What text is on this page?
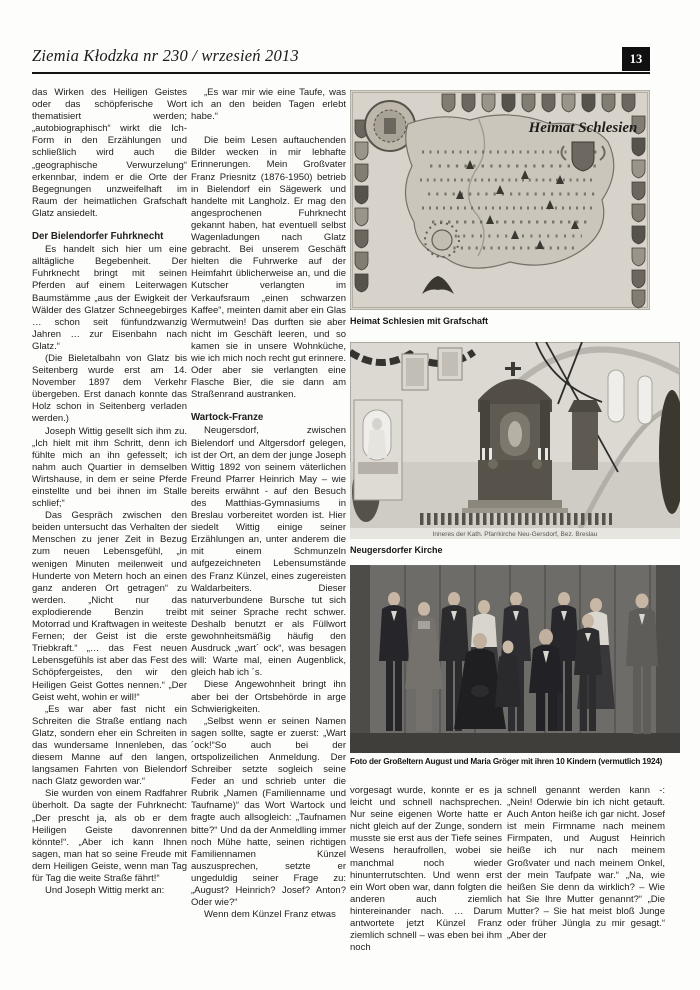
Ziemia Kłodzka nr 230 / wrzesień 2013	13

das Wirken des Heiligen Geistes oder das schöpferische Wort thematisiert werden; „autobiographisch“ wirkt die Ich-Form in den Erzählungen und schließlich wird auch die „geographische Verwurzelung“ erkennbar, indem er die Orte der Begegnungen unzweifelhaft im Raum der heimatlichen Grafschaft Glatz ansiedelt.

Der Bielendorfer Fuhrknecht

Es handelt sich hier um eine alltägliche Begebenheit. Der Fuhrknecht bringt mit seinen Pferden auf einem Leiterwagen Baumstämme „aus der Ewigkeit der Wälder des Glatzer Schneegebirges … schon seit fünfundzwanzig Jahren … zur Eisenbahn nach Glatz.“

(Die Bieletalbahn von Glatz bis Seitenberg wurde erst am 14. November 1897 dem Verkehr übergeben. Erst danach konnte das Holz schon in Seitenberg verladen werden.)

Joseph Wittig gesellt sich ihm zu. „Ich hielt mit ihm Schritt, denn ich fühlte mich an ihn gefesselt; ich nahm auch Quartier in demselben Wirtshause, in dem er seine Pferde einstellte und bei ihnen im Stalle schlief;“

Das Gespräch zwischen den beiden untersucht das Verhalten der Menschen zu jener Zeit in Bezug zum neuen Lebensgefühl, „in wenigen Minuten meilenweit und Hunderte von Metern hoch an einen ganz anderen Ort getragen“ zu werden. „Nicht nur das explodierende Benzin treibt Motorrad und Kraftwagen in weiteste Fernen; der Geist ist die erste Triebkraft.“ „… das Fest neuen Lebensgefühls ist aber das Fest des Schöpfergeistes, den wir den Heiligen Geist Gottes nennen.“ „Der Geist weht, wohin er will!“

„Es war aber fast nicht ein Schreiten die Straße entlang nach Glatz, sondern eher ein Schreiten in das wundersame Innenleben, das diesem Manne auf den langen, langsamen Fahrten von Bielendorf nach Glatz geworden war.“

Sie wurden von einem Radfahrer überholt. Da sagte der Fuhrknecht: „Der prescht ja, als ob er dem Heiligen Geiste davonrennen könnte!“. „Aber ich kann Ihnen sagen, man hat so seine Freude mit dem Heiligen Geiste, wenn man Tag für Tag die weite Straße fährt!“

Und Joseph Wittig merkt an:

„Es war mir wie eine Taufe, was ich an den beiden Tagen erlebt habe.“

Die beim Lesen auftauchenden Bilder wecken in mir lebhafte Erinnerungen. Mein Großvater Franz Priesnitz (1876-1950) betrieb in Bielendorf ein Sägewerk und handelte mit Langholz. Er mag den angesprochenen Fuhrknecht gekannt haben, hat eventuell selbst Wagenladungen nach Glatz gebracht. Bei unserem Geschäft hielten die Fuhrwerke auf der Heimfahrt üblicherweise an, und die Kutscher verlangten im Verkaufsraum „einen schwarzen Kaffee“, meinten damit aber ein Glas Wermutwein! Das durften sie aber nicht im Geschäft leeren, und so kamen sie in unsere Wohnküche, wie ich mich noch recht gut erinnere. Oder aber sie verlangten eine Flasche Bier, die sie dann am Straßenrand austranken.

Wartock-Franze

Neugersdorf, zwischen Bielendorf und Altgersdorf gelegen, ist der Ort, an dem der junge Joseph Wittig 1892 von seinem väterlichen Freund Pfarrer Heinrich May – wie bereits erwähnt - auf den Besuch des Matthias-Gymnasiums in Breslau vorbereitet worden ist. Hier siedelt Wittig einige seiner Erzählungen an, unter anderem die mit einem Schmunzeln aufgezeichneten Lebensumstände des Franz Künzel, eines zugereisten Waldarbeiters. Dieser naturverbundene Bursche tut sich mit seiner Sprache recht schwer. Deshalb benutzt er als Füllwort gewohnheitsmäßig häufig den Ausdruck „wart´ ock“, was besagen will: Warte mal, einen Augenblick, gleich hab ich ´s.

Diese Angewohnheit bringt ihn aber bei der Ortsbehörde in arge Schwierigkeiten.

„Selbst wenn er seinen Namen sagen sollte, sagte er zuerst: „Wart´ock!“So auch bei der ortspolizeilichen Anmeldung. Der Schreiber setzte sogleich seine Feder an und schrieb unter die Rubrik „Namen (Familienname und Taufname)“ das Wort Wartock und fragte auch allsogleich: „Taufnamen bitte?“ Und da der Anmeldling immer noch Mühe hatte, seinen richtigen Familiennamen Künzel auszusprechen, setzte er ungeduldig seiner Frage zu: „August? Heinrich? Josef? Anton? Oder wie?“

Wenn dem Künzel Franz etwas

Heimat Schlesien
Heimat Schlesien mit Grafschaft
Inneres der Kath. Pfarrkirche Neu-Gersdorf, Bez. Breslau
Neugersdorfer Kirche
Foto der Großeltern August und Maria Gröger mit ihren 10 Kindern (vermutlich 1924)

vorgesagt wurde, konnte er es ja leicht und schnell nachsprechen. Nur seine eigenen Worte hatte er nicht gleich auf der Zunge, sondern musste sie erst aus der Tiefe seines Wesens heraufrollen, wobei sie manchmal noch wieder hinunterrutschten. Und wenn erst ein Wort oben war, dann folgten die anderen auch ziemlich hintereinander nach. … Darum antwortete jetzt Künzel Franz ziemlich schnell – was eben bei ihm noch

schnell genannt werden kann -: „Nein! Oderwie bin ich nicht getauft. Auch Anton heiße ich gar nicht. Josef ist mein Firmname nach meinem Firmpaten, und August Heinrich heiße ich nur nach meinem Großvater und nach meinem Onkel, der mein Taufpate war.“ „Na, wie heißen Sie denn da wirklich? – Wie hat Sie Ihre Mutter genannt?“ „Die Mutter? – Sie hat meist bloß Junge oder früher Jüngla zu mir gesagt.“ „Aber der
